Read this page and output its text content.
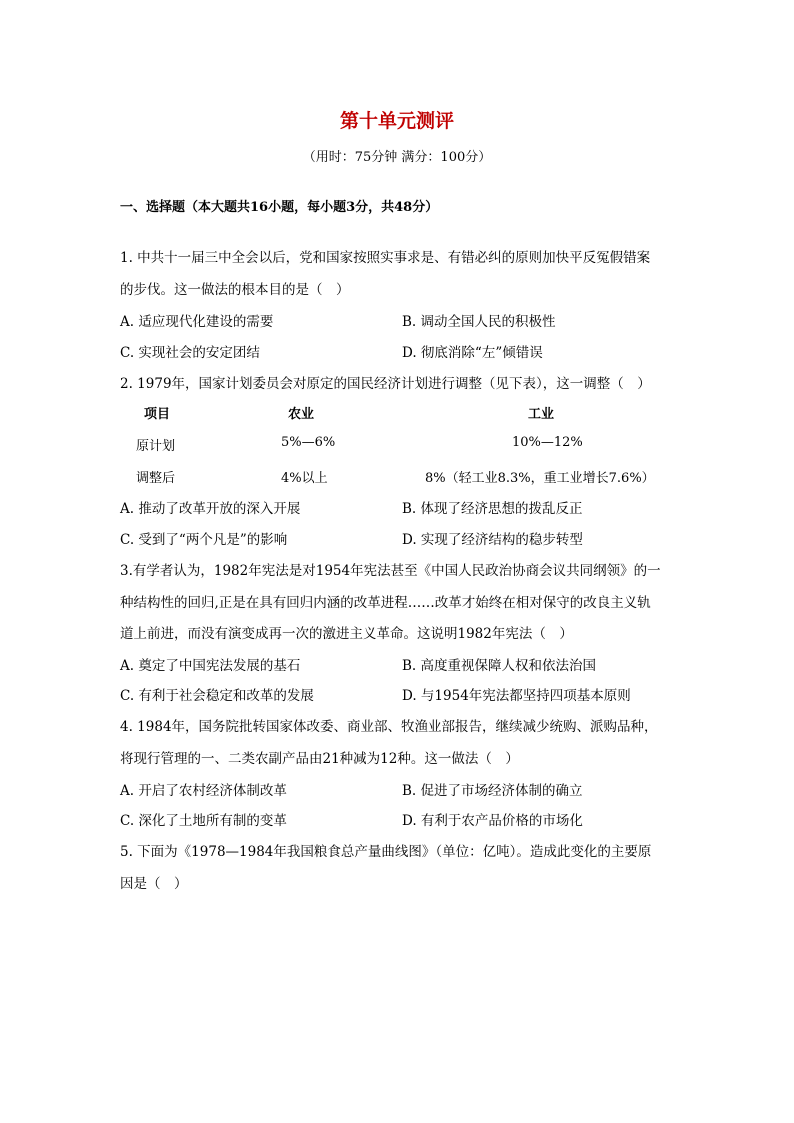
第十单元测评
（用时：75分钟 满分：100分）
一、选择题（本大题共16小题，每小题3分，共48分）
1. 中共十一届三中全会以后，党和国家按照实事求是、有错必纠的原则加快平反冤假错案
的步伐。这一做法的根本目的是（　）
A. 适应现代化建设的需要	B. 调动全国人民的积极性
C. 实现社会的安定团结	D. 彻底消除“左”倾错误
2. 1979年，国家计划委员会对原定的国民经济计划进行调整（见下表），这一调整（　）
项目	农业	工业
原计划	5%—6%	10%—12%
调整后	4%以上	8%（轻工业8.3%，重工业增长7.6%）
A. 推动了改革开放的深入开展	B. 体现了经济思想的拨乱反正
C. 受到了“两个凡是”的影响	D. 实现了经济结构的稳步转型
3.有学者认为，1982年宪法是对1954年宪法甚至《中国人民政治协商会议共同纲领》的一
种结构性的回归,正是在具有回归内涵的改革进程……改革才始终在相对保守的改良主义轨
道上前进，而没有演变成再一次的激进主义革命。这说明1982年宪法（　）
A. 奠定了中国宪法发展的基石	B. 高度重视保障人权和依法治国
C. 有利于社会稳定和改革的发展	D. 与1954年宪法都坚持四项基本原则
4. 1984年，国务院批转国家体改委、商业部、牧渔业部报告，继续减少统购、派购品种，
将现行管理的一、二类农副产品由21种减为12种。这一做法（　）
A. 开启了农村经济体制改革	B. 促进了市场经济体制的确立
C. 深化了土地所有制的变革	D. 有利于农产品价格的市场化
5. 下面为《1978—1984年我国粮食总产量曲线图》（单位：亿吨）。造成此变化的主要原
因是（　）
